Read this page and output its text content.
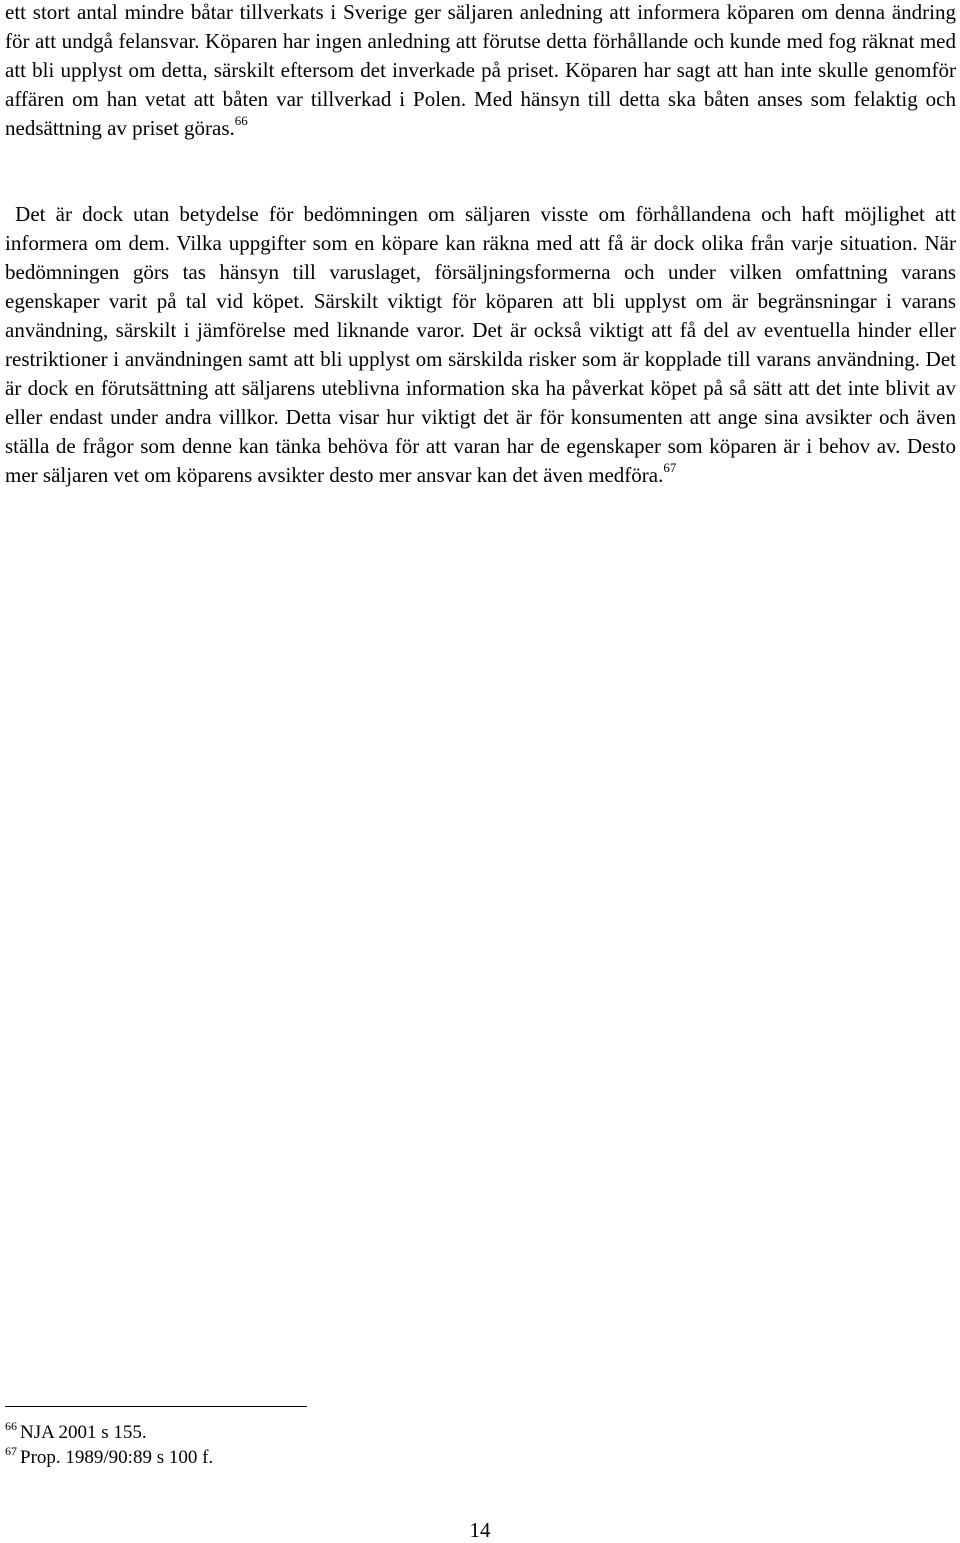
ett stort antal mindre båtar tillverkats i Sverige ger säljaren anledning att informera köparen om denna ändring för att undgå felansvar. Köparen har ingen anledning att förutse detta förhållande och kunde med fog räknat med att bli upplyst om detta, särskilt eftersom det inverkade på priset. Köparen har sagt att han inte skulle genomför affären om han vetat att båten var tillverkad i Polen. Med hänsyn till detta ska båten anses som felaktig och nedsättning av priset göras.$^{66}$

Det är dock utan betydelse för bedömningen om säljaren visste om förhållandena och haft möjlighet att informera om dem. Vilka uppgifter som en köpare kan räkna med att få är dock olika från varje situation. När bedömningen görs tas hänsyn till varuslaget, försäljningsformerna och under vilken omfattning varans egenskaper varit på tal vid köpet. Särskilt viktigt för köparen att bli upplyst om är begränsningar i varans användning, särskilt i jämförelse med liknande varor. Det är också viktigt att få del av eventuella hinder eller restriktioner i användningen samt att bli upplyst om särskilda risker som är kopplade till varans användning. Det är dock en förutsättning att säljarens uteblivna information ska ha påverkat köpet på så sätt att det inte blivit av eller endast under andra villkor. Detta visar hur viktigt det är för konsumenten att ange sina avsikter och även ställa de frågor som denne kan tänka behöva för att varan har de egenskaper som köparen är i behov av. Desto mer säljaren vet om köparens avsikter desto mer ansvar kan det även medföra.$^{67}$

$^{66}$ NJA 2001 s 155.
$^{67}$ Prop. 1989/90:89 s 100 f.
14
